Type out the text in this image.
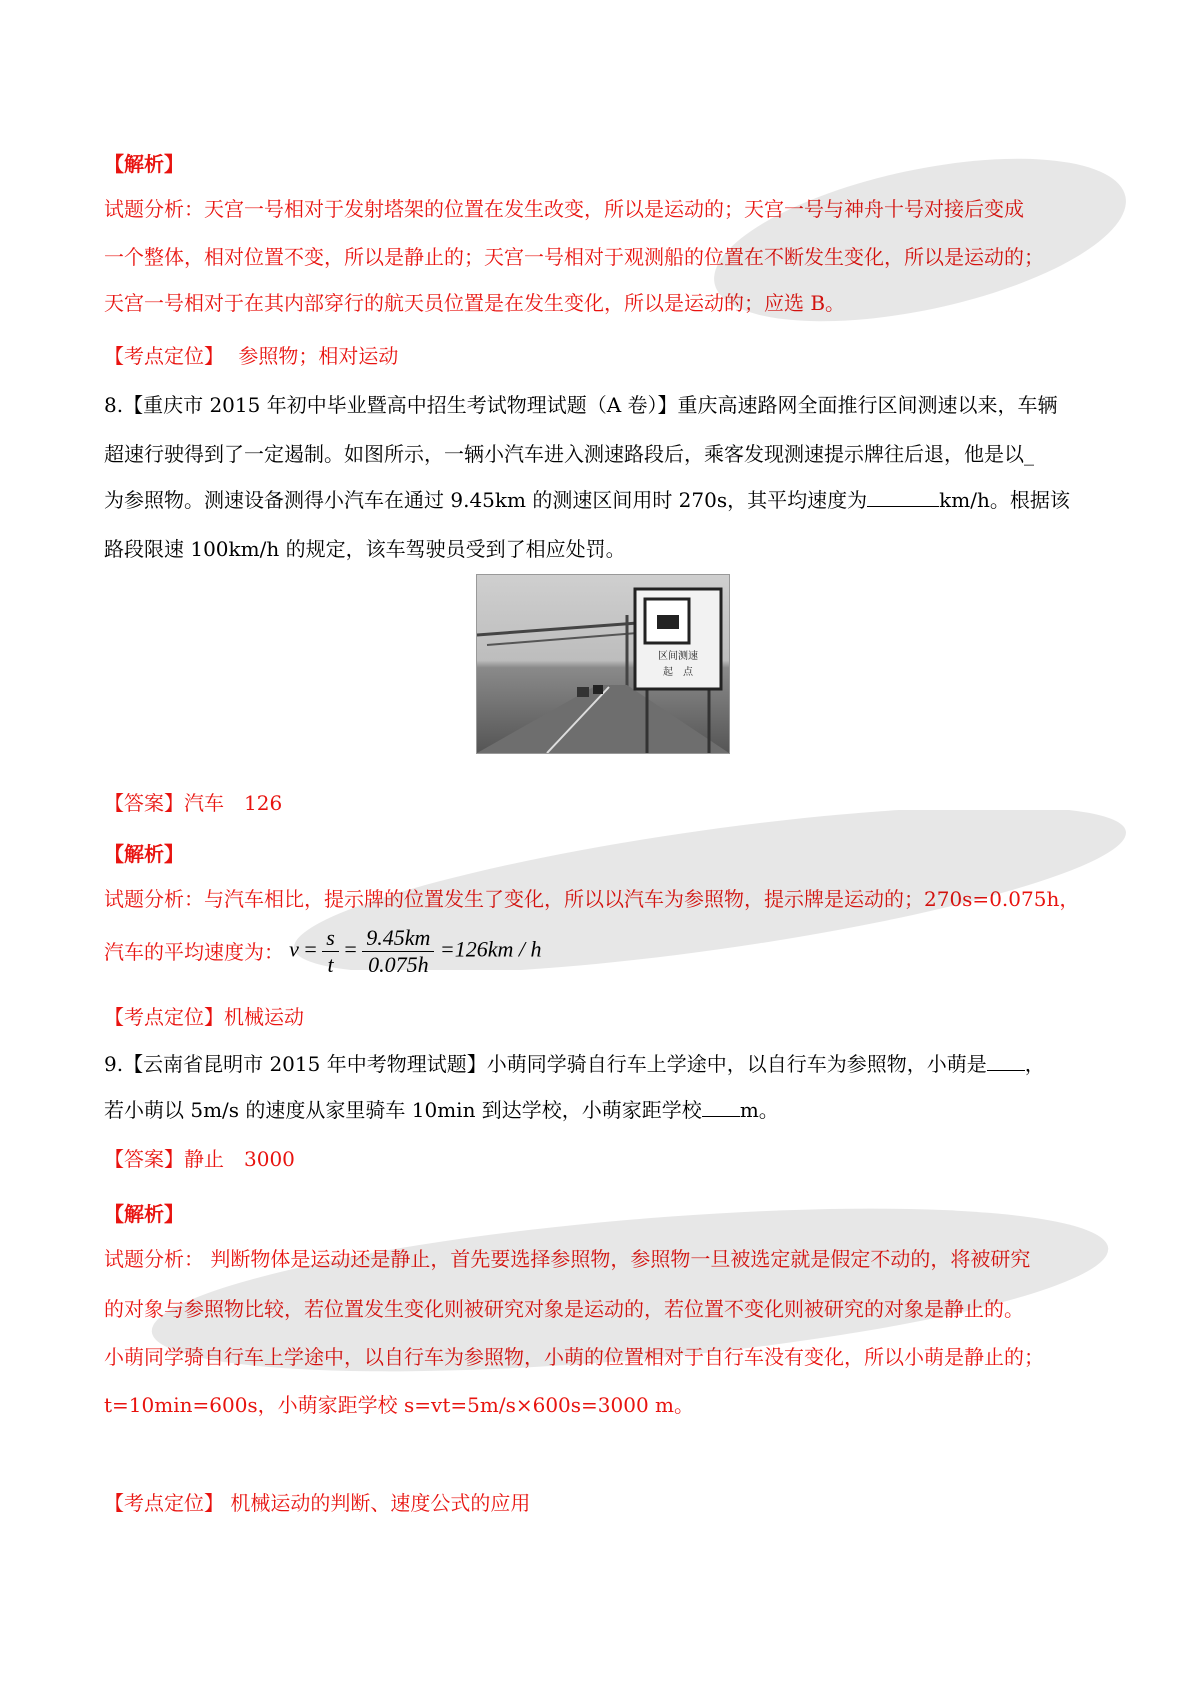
【解析】
试题分析：天宫一号相对于发射塔架的位置在发生改变，所以是运动的；天宫一号与神舟十号对接后变成
一个整体，相对位置不变，所以是静止的；天宫一号相对于观测船的位置在不断发生变化，所以是运动的；
天宫一号相对于在其内部穿行的航天员位置是在发生变化，所以是运动的；应选 B。
【考点定位】 参照物；相对运动
8.【重庆市 2015 年初中毕业暨高中招生考试物理试题（A 卷）】重庆高速路网全面推行区间测速以来，车辆
超速行驶得到了一定遏制。如图所示，一辆小汽车进入测速路段后，乘客发现测速提示牌往后退，他是以_
为参照物。测速设备测得小汽车在通过 9.45km 的测速区间用时 270s，其平均速度为	km/h。根据该
路段限速 100km/h 的规定，该车驾驶员受到了相应处罚。
区间测速
起　点
【答案】汽车　126
【解析】
试题分析：与汽车相比，提示牌的位置发生了变化，所以以汽车为参照物，提示牌是运动的；270s=0.075h，
汽车的平均速度为： $v = \frac{s}{t} = \frac{9.45km}{0.075h} =126km / h$
【考点定位】机械运动
9.【云南省昆明市 2015 年中考物理试题】小萌同学骑自行车上学途中，以自行车为参照物，小萌是 ，
若小萌以 5m/s 的速度从家里骑车 10min 到达学校，小萌家距学校 m。
【答案】静止　3000
【解析】
试题分析： 判断物体是运动还是静止，首先要选择参照物，参照物一旦被选定就是假定不动的，将被研究
的对象与参照物比较，若位置发生变化则被研究对象是运动的，若位置不变化则被研究的对象是静止的。
小萌同学骑自行车上学途中，以自行车为参照物，小萌的位置相对于自行车没有变化，所以小萌是静止的；
t=10min=600s，小萌家距学校 s=vt=5m/s×600s=3000 m。
【考点定位】 机械运动的判断、速度公式的应用
